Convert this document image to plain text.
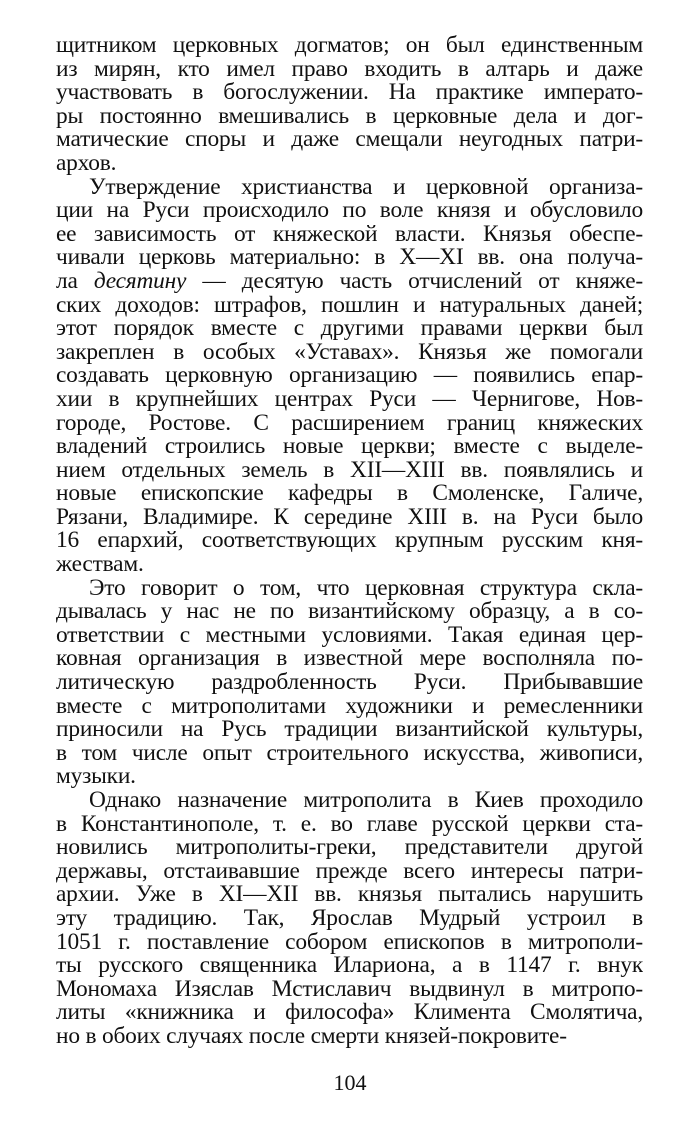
щитником церковных догматов; он был единственным
из мирян, кто имел право входить в алтарь и даже
участвовать в богослужении. На практике императо-
ры постоянно вмешивались в церковные дела и дог-
матические споры и даже смещали неугодных патри-
архов.
Утверждение христианства и церковной организа-
ции на Руси происходило по воле князя и обусловило
ее зависимость от княжеской власти. Князья обеспе-
чивали церковь материально: в X—XI вв. она получа-
ла десятину — десятую часть отчислений от княже-
ских доходов: штрафов, пошлин и натуральных даней;
этот порядок вместе с другими правами церкви был
закреплен в особых «Уставах». Князья же помогали
создавать церковную организацию — появились епар-
хии в крупнейших центрах Руси — Чернигове, Нов-
городе, Ростове. С расширением границ княжеских
владений строились новые церкви; вместе с выделе-
нием отдельных земель в XII—XIII вв. появлялись и
новые епископские кафедры в Смоленске, Галиче,
Рязани, Владимире. К середине XIII в. на Руси было
16 епархий, соответствующих крупным русским кня-
жествам.
Это говорит о том, что церковная структура скла-
дывалась у нас не по византийскому образцу, а в со-
ответствии с местными условиями. Такая единая цер-
ковная организация в известной мере восполняла по-
литическую раздробленность Руси. Прибывавшие
вместе с митрополитами художники и ремесленники
приносили на Русь традиции византийской культуры,
в том числе опыт строительного искусства, живописи,
музыки.
Однако назначение митрополита в Киев проходило
в Константинополе, т. е. во главе русской церкви ста-
новились митрополиты-греки, представители другой
державы, отстаивавшие прежде всего интересы патри-
архии. Уже в XI—XII вв. князья пытались нарушить
эту традицию. Так, Ярослав Мудрый устроил в
1051 г. поставление собором епископов в митрополи-
ты русского священника Илариона, а в 1147 г. внук
Мономаха Изяслав Мстиславич выдвинул в митропо-
литы «книжника и философа» Климента Смолятича,
но в обоих случаях после смерти князей-покровите-
104
